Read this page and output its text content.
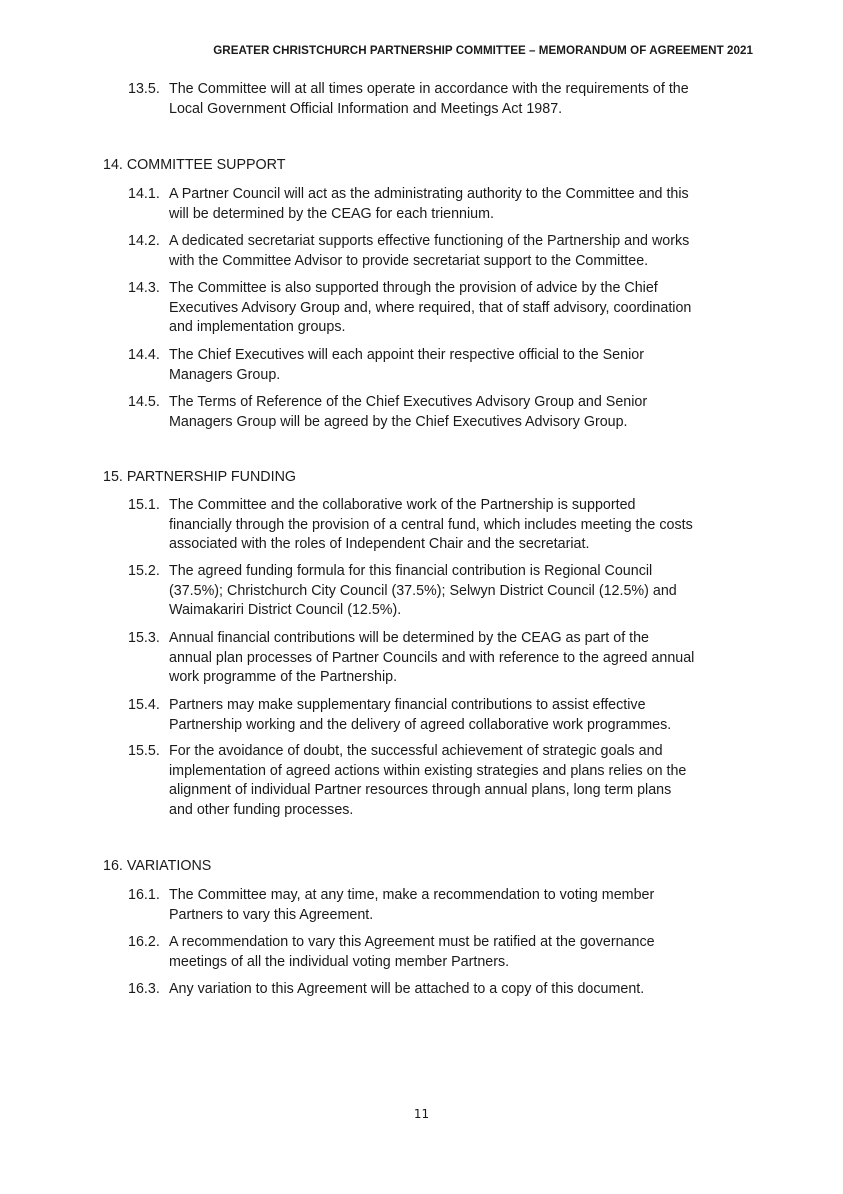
GREATER CHRISTCHURCH PARTNERSHIP COMMITTEE – MEMORANDUM OF AGREEMENT 2021
13.5. The Committee will at all times operate in accordance with the requirements of the
Local Government Official Information and Meetings Act 1987.
14. COMMITTEE SUPPORT
14.1. A Partner Council will act as the administrating authority to the Committee and this
will be determined by the CEAG for each triennium.
14.2. A dedicated secretariat supports effective functioning of the Partnership and works
with the Committee Advisor to provide secretariat support to the Committee.
14.3. The Committee is also supported through the provision of advice by the Chief
Executives Advisory Group and, where required, that of staff advisory, coordination
and implementation groups.
14.4. The Chief Executives will each appoint their respective official to the Senior
Managers Group.
14.5. The Terms of Reference of the Chief Executives Advisory Group and Senior
Managers Group will be agreed by the Chief Executives Advisory Group.
15. PARTNERSHIP FUNDING
15.1. The Committee and the collaborative work of the Partnership is supported
financially through the provision of a central fund, which includes meeting the costs
associated with the roles of Independent Chair and the secretariat.
15.2. The agreed funding formula for this financial contribution is Regional Council
(37.5%); Christchurch City Council (37.5%); Selwyn District Council (12.5%) and
Waimakariri District Council (12.5%).
15.3. Annual financial contributions will be determined by the CEAG as part of the
annual plan processes of Partner Councils and with reference to the agreed annual
work programme of the Partnership.
15.4. Partners may make supplementary financial contributions to assist effective
Partnership working and the delivery of agreed collaborative work programmes.
15.5. For the avoidance of doubt, the successful achievement of strategic goals and
implementation of agreed actions within existing strategies and plans relies on the
alignment of individual Partner resources through annual plans, long term plans
and other funding processes.
16. VARIATIONS
16.1. The Committee may, at any time, make a recommendation to voting member
Partners to vary this Agreement.
16.2. A recommendation to vary this Agreement must be ratified at the governance
meetings of all the individual voting member Partners.
16.3. Any variation to this Agreement will be attached to a copy of this document.
11
